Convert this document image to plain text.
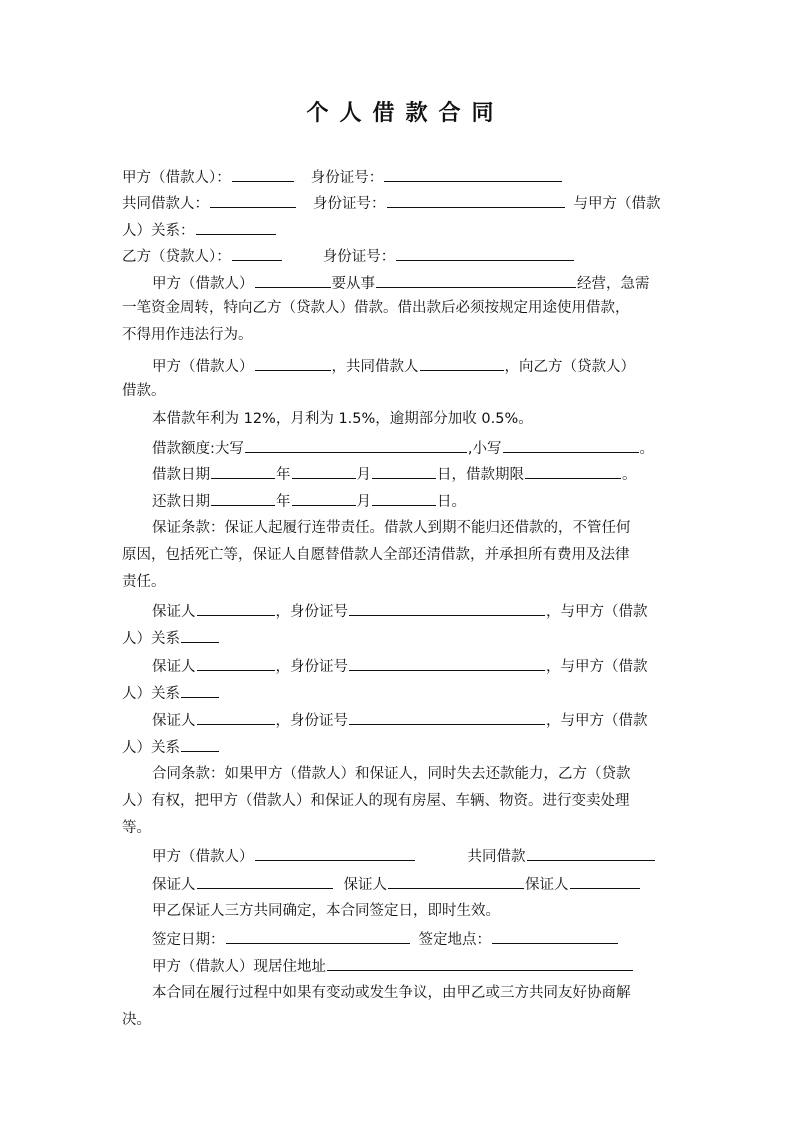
个人借款合同
甲方（借款人）：	身份证号：
共同借款人：	身份证号：	与甲方（借款
人）关系：
乙方（贷款人）：	身份证号：
甲方（借款人）	要从事	经营，急需
一笔资金周转，特向乙方（贷款人）借款。借出款后必须按规定用途使用借款，
不得用作违法行为。
甲方（借款人）	，共同借款人	，向乙方（贷款人）
借款。
本借款年利为 12%，月利为 1.5%，逾期部分加收 0.5%。
借款额度:大写	,小写	。
借款日期	年	月	日，借款期限	。
还款日期	年	月	日。
保证条款：保证人起履行连带责任。借款人到期不能归还借款的，不管任何
原因，包括死亡等，保证人自愿替借款人全部还清借款，并承担所有费用及法律
责任。
保证人	，身份证号	，与甲方（借款
人）关系
保证人	，身份证号	，与甲方（借款
人）关系
保证人	，身份证号	，与甲方（借款
人）关系
合同条款：如果甲方（借款人）和保证人，同时失去还款能力，乙方（贷款
人）有权，把甲方（借款人）和保证人的现有房屋、车辆、物资。进行变卖处理
等。
甲方（借款人）	共同借款
保证人	保证人	保证人
甲乙保证人三方共同确定，本合同签定日，即时生效。
签定日期：	签定地点：
甲方（借款人）现居住地址
本合同在履行过程中如果有变动或发生争议，由甲乙或三方共同友好协商解
决。
